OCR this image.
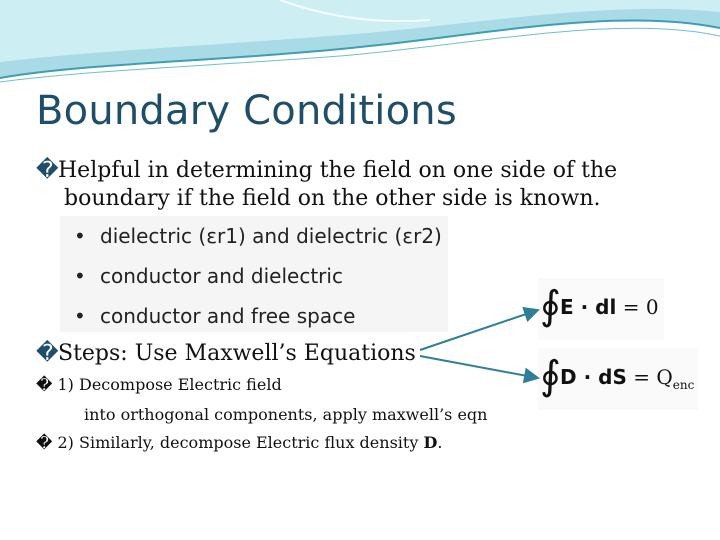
Boundary Conditions
�Helpful in determining the field on one side of the
boundary if the field on the other side is known.
• dielectric (εr1) and dielectric (εr2)
• conductor and dielectric
• conductor and free space
�Steps: Use Maxwell’s Equations
� 1) Decompose Electric field
into orthogonal components, apply maxwell’s eqn
� 2) Similarly, decompose Electric flux density D.
∮ E · dl = 0
∮ D · dS = $Q_{enc}$
